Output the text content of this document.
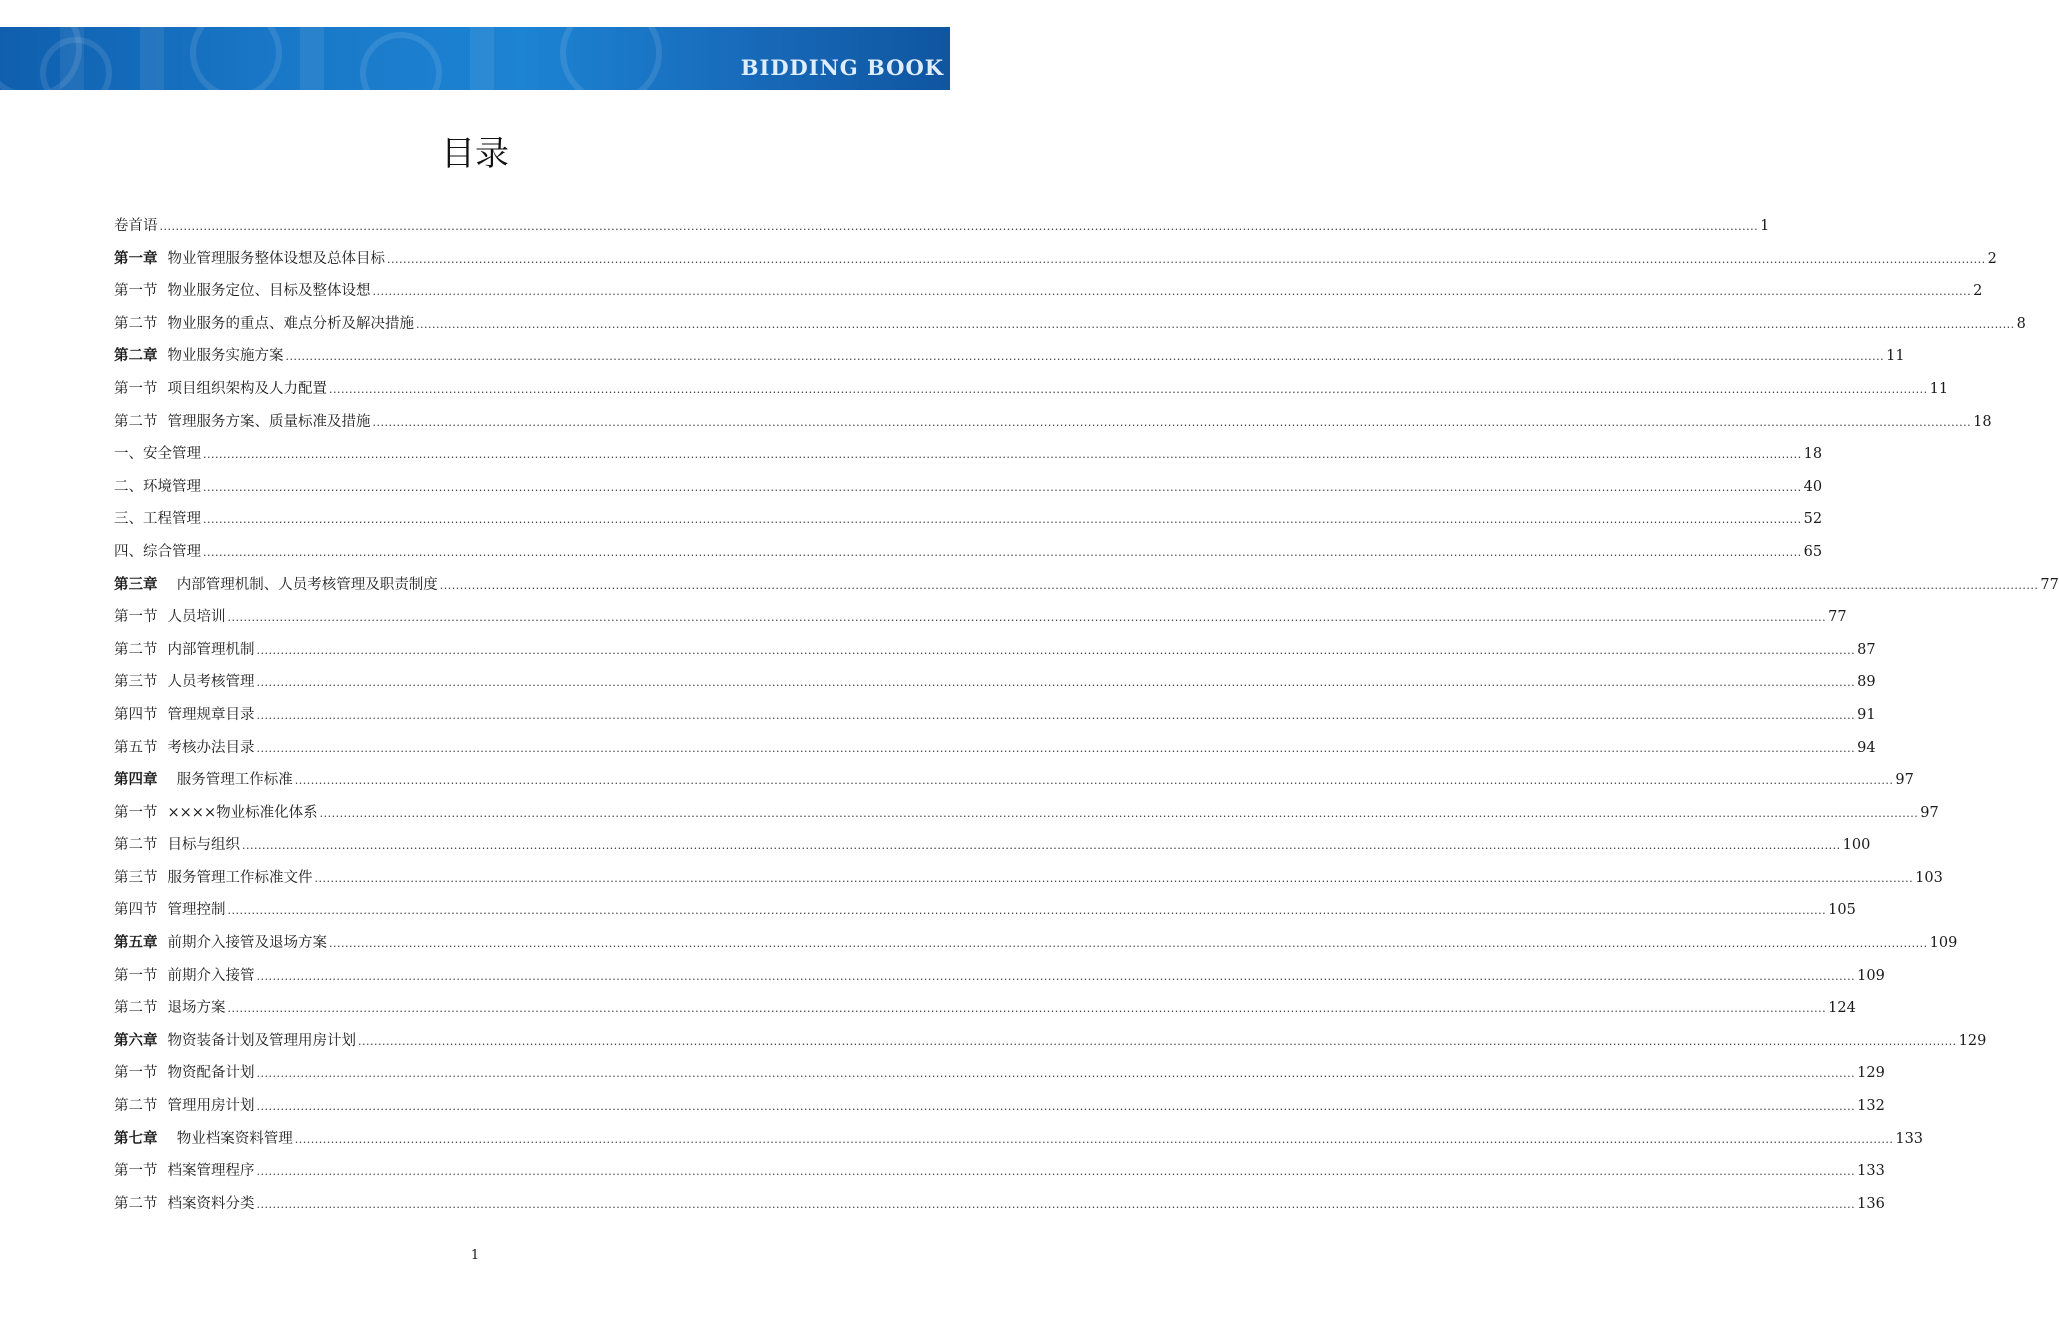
BIDDING BOOK
目录
卷首语 ................................................................................................................................................................................................................................................................................................................................................................................................................ 1
第一章 物业管理服务整体设想及总体目标 ................................................................................................................................................................................................................................................................................................................................................................................................................ 2
第一节 物业服务定位、目标及整体设想 ................................................................................................................................................................................................................................................................................................................................................................................................................ 2
第二节 物业服务的重点、难点分析及解决措施 ................................................................................................................................................................................................................................................................................................................................................................................................................ 8
第二章 物业服务实施方案 ................................................................................................................................................................................................................................................................................................................................................................................................................ 11
第一节 项目组织架构及人力配置 ................................................................................................................................................................................................................................................................................................................................................................................................................ 11
第二节 管理服务方案、质量标准及措施 ................................................................................................................................................................................................................................................................................................................................................................................................................ 18
一、安全管理 ................................................................................................................................................................................................................................................................................................................................................................................................................ 18
二、环境管理 ................................................................................................................................................................................................................................................................................................................................................................................................................ 40
三、工程管理 ................................................................................................................................................................................................................................................................................................................................................................................................................ 52
四、综合管理 ................................................................................................................................................................................................................................................................................................................................................................................................................ 65
第三章  内部管理机制、人员考核管理及职责制度 ................................................................................................................................................................................................................................................................................................................................................................................................................ 77
第一节 人员培训 ................................................................................................................................................................................................................................................................................................................................................................................................................ 77
第二节 内部管理机制 ................................................................................................................................................................................................................................................................................................................................................................................................................ 87
第三节 人员考核管理 ................................................................................................................................................................................................................................................................................................................................................................................................................ 89
第四节 管理规章目录 ................................................................................................................................................................................................................................................................................................................................................................................................................ 91
第五节 考核办法目录 ................................................................................................................................................................................................................................................................................................................................................................................................................ 94
第四章  服务管理工作标准 ................................................................................................................................................................................................................................................................................................................................................................................................................ 97
第一节 ××××物业标准化体系 ................................................................................................................................................................................................................................................................................................................................................................................................................ 97
第二节 目标与组织 ................................................................................................................................................................................................................................................................................................................................................................................................................ 100
第三节 服务管理工作标准文件 ................................................................................................................................................................................................................................................................................................................................................................................................................ 103
第四节 管理控制 ................................................................................................................................................................................................................................................................................................................................................................................................................ 105
第五章 前期介入接管及退场方案 ................................................................................................................................................................................................................................................................................................................................................................................................................ 109
第一节 前期介入接管 ................................................................................................................................................................................................................................................................................................................................................................................................................ 109
第二节 退场方案 ................................................................................................................................................................................................................................................................................................................................................................................................................ 124
第六章 物资装备计划及管理用房计划 ................................................................................................................................................................................................................................................................................................................................................................................................................ 129
第一节 物资配备计划 ................................................................................................................................................................................................................................................................................................................................................................................................................ 129
第二节 管理用房计划 ................................................................................................................................................................................................................................................................................................................................................................................................................ 132
第七章  物业档案资料管理 ................................................................................................................................................................................................................................................................................................................................................................................................................ 133
第一节 档案管理程序 ................................................................................................................................................................................................................................................................................................................................................................................................................ 133
第二节 档案资料分类 ................................................................................................................................................................................................................................................................................................................................................................................................................ 136
1
